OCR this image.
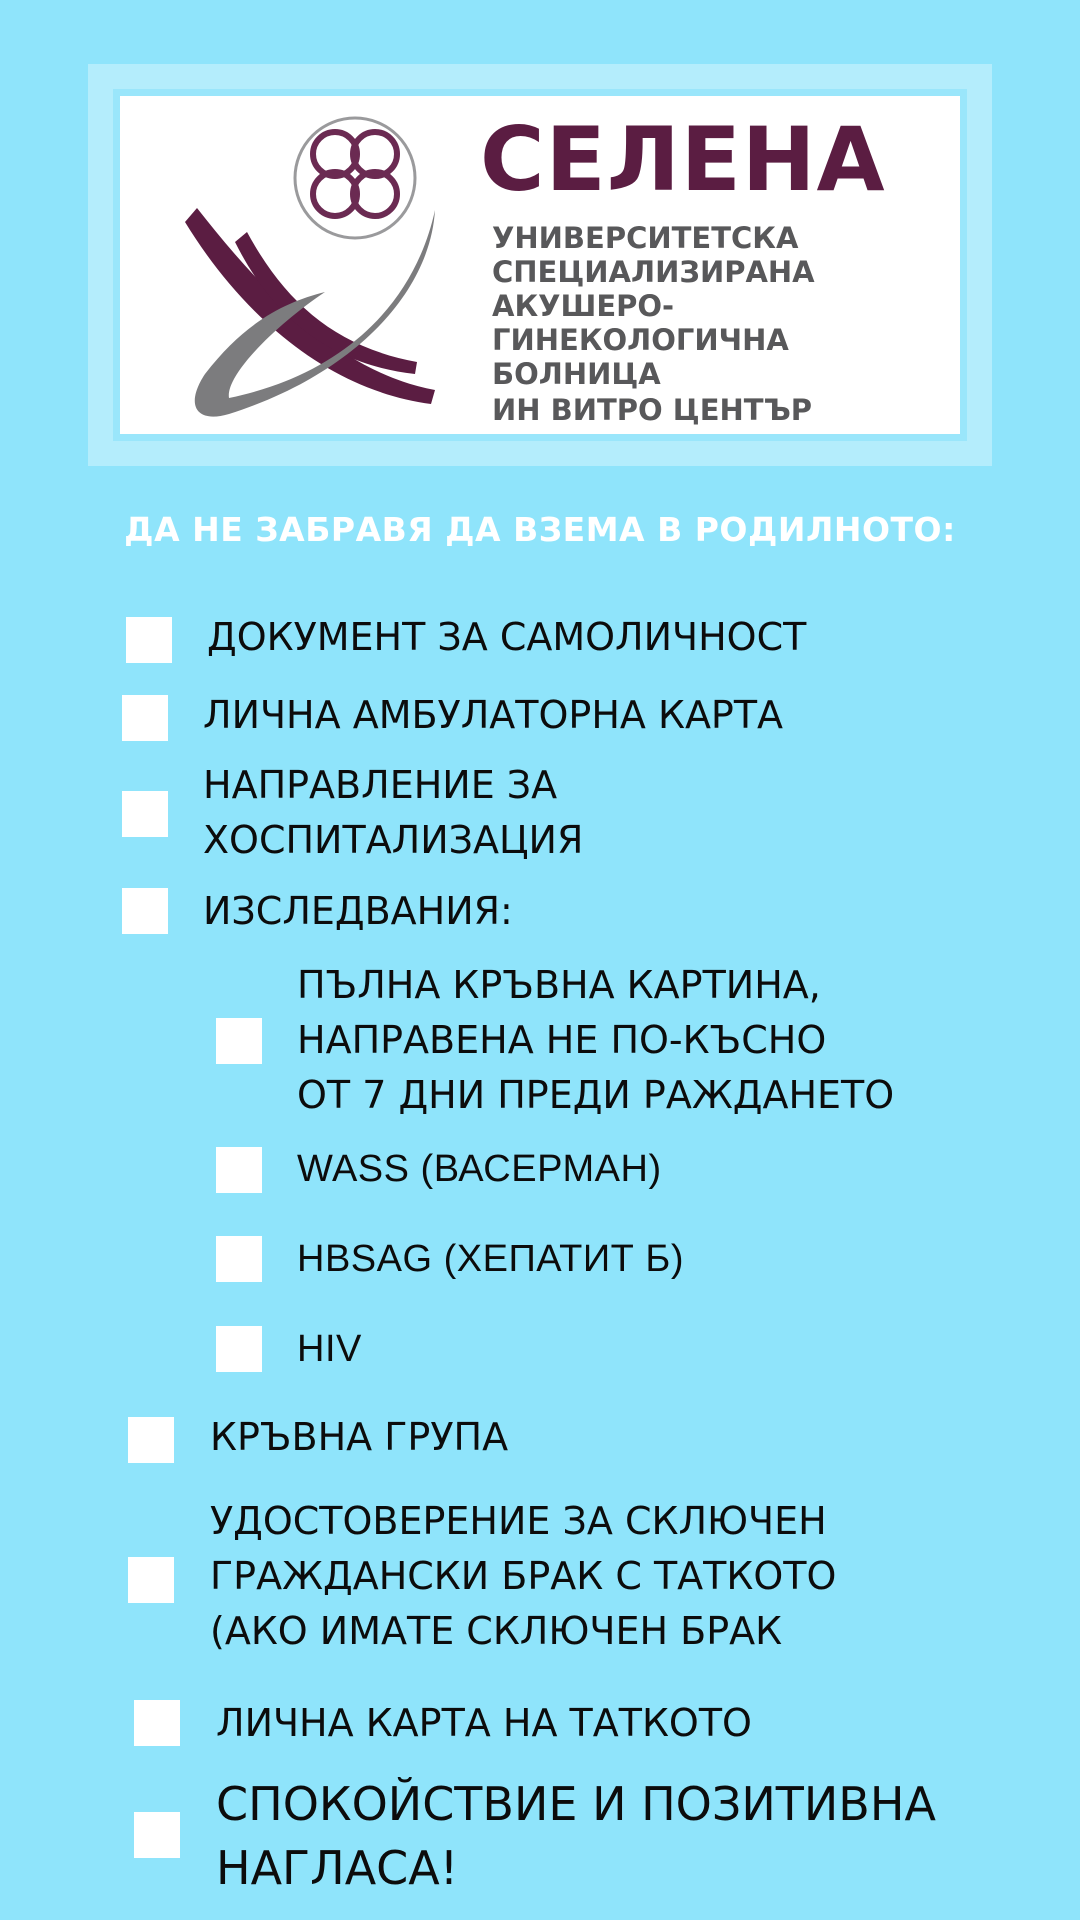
СЕЛЕНА
УНИВЕРСИТЕТСКА
СПЕЦИАЛИЗИРАНА
АКУШЕРО-
ГИНЕКОЛОГИЧНА
БОЛНИЦА
ИН ВИТРО ЦЕНТЪР
ДА НЕ ЗАБРАВЯ ДА ВЗЕМА В РОДИЛНОТО:
ДОКУМЕНТ ЗА САМОЛИЧНОСТ
ЛИЧНА АМБУЛАТОРНА КАРТА
НАПРАВЛЕНИЕ ЗА
ХОСПИТАЛИЗАЦИЯ
ИЗСЛЕДВАНИЯ:
ПЪЛНА КРЪВНА КАРТИНА,
НАПРАВЕНА НЕ ПО-КЪСНО
ОТ 7 ДНИ ПРЕДИ РАЖДАНЕТО
WASS (ВАСЕРМАН)
HBSAG (ХЕПАТИТ Б)
HIV
КРЪВНА ГРУПА
УДОСТОВЕРЕНИЕ ЗА СКЛЮЧЕН
ГРАЖДАНСКИ БРАК С ТАТКОТО
(АКО ИМАТЕ СКЛЮЧЕН БРАК
ЛИЧНА КАРТА НА ТАТКОТО
СПОКОЙСТВИЕ И ПОЗИТИВНА
НАГЛАСА!
